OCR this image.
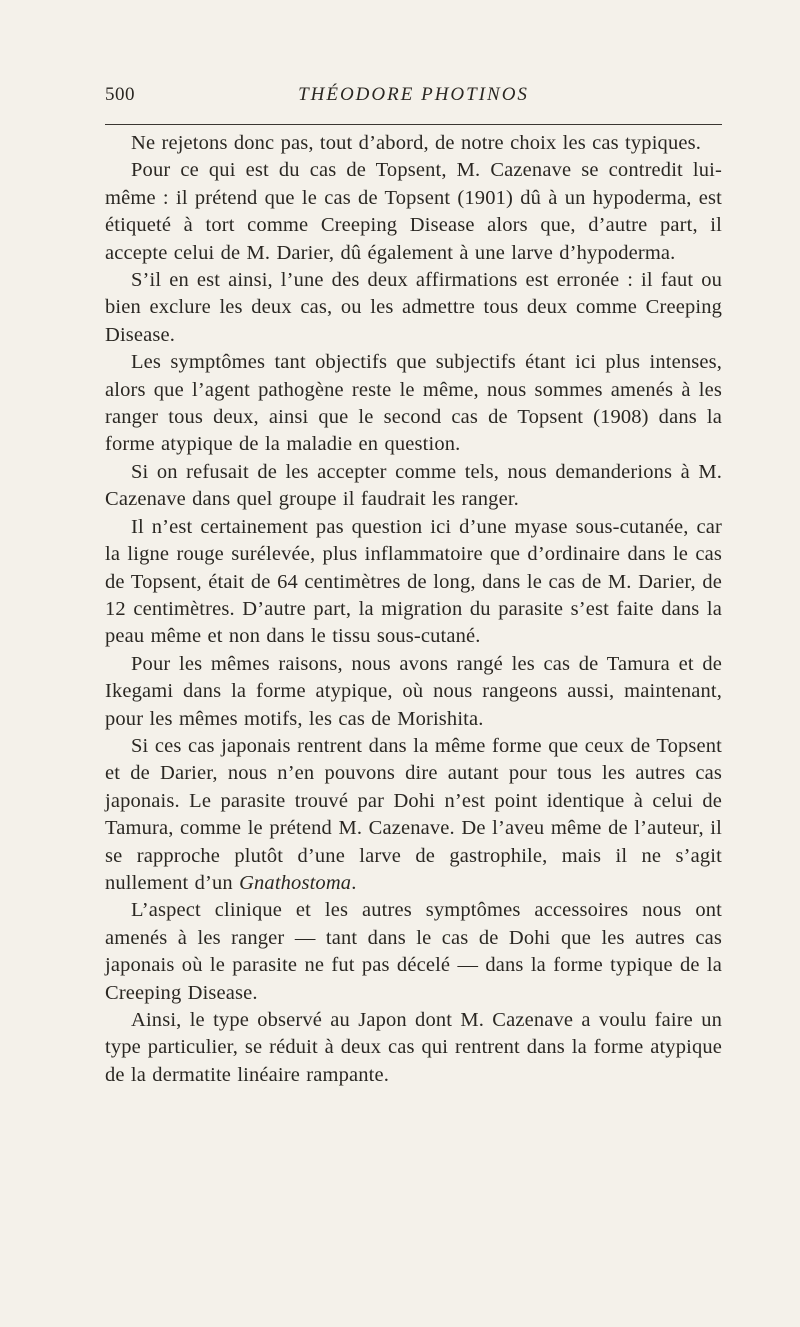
500	THÉODORE PHOTINOS

Ne rejetons donc pas, tout d’abord, de notre choix les cas typiques.

Pour ce qui est du cas de Topsent, M. Cazenave se contredit lui-même : il prétend que le cas de Topsent (1901) dû à un hypoderma, est étiqueté à tort comme Creeping Disease alors que, d’autre part, il accepte celui de M. Darier, dû également à une larve d’hypoderma.

S’il en est ainsi, l’une des deux affirmations est erronée : il faut ou bien exclure les deux cas, ou les admettre tous deux comme Creeping Disease.

Les symptômes tant objectifs que subjectifs étant ici plus intenses, alors que l’agent pathogène reste le même, nous sommes amenés à les ranger tous deux, ainsi que le second cas de Topsent (1908) dans la forme atypique de la maladie en question.

Si on refusait de les accepter comme tels, nous demanderions à M. Cazenave dans quel groupe il faudrait les ranger.

Il n’est certainement pas question ici d’une myase sous-cutanée, car la ligne rouge surélevée, plus inflammatoire que d’ordinaire dans le cas de Topsent, était de 64 centimètres de long, dans le cas de M. Darier, de 12 centimètres. D’autre part, la migration du parasite s’est faite dans la peau même et non dans le tissu sous-cutané.

Pour les mêmes raisons, nous avons rangé les cas de Tamura et de Ikegami dans la forme atypique, où nous rangeons aussi, maintenant, pour les mêmes motifs, les cas de Morishita.

Si ces cas japonais rentrent dans la même forme que ceux de Topsent et de Darier, nous n’en pouvons dire autant pour tous les autres cas japonais. Le parasite trouvé par Dohi n’est point identique à celui de Tamura, comme le prétend M. Cazenave. De l’aveu même de l’auteur, il se rapproche plutôt d’une larve de gastrophile, mais il ne s’agit nullement d’un Gnathostoma.

L’aspect clinique et les autres symptômes accessoires nous ont amenés à les ranger — tant dans le cas de Dohi que les autres cas japonais où le parasite ne fut pas décelé — dans la forme typique de la Creeping Disease.

Ainsi, le type observé au Japon dont M. Cazenave a voulu faire un type particulier, se réduit à deux cas qui rentrent dans la forme atypique de la dermatite linéaire rampante.
